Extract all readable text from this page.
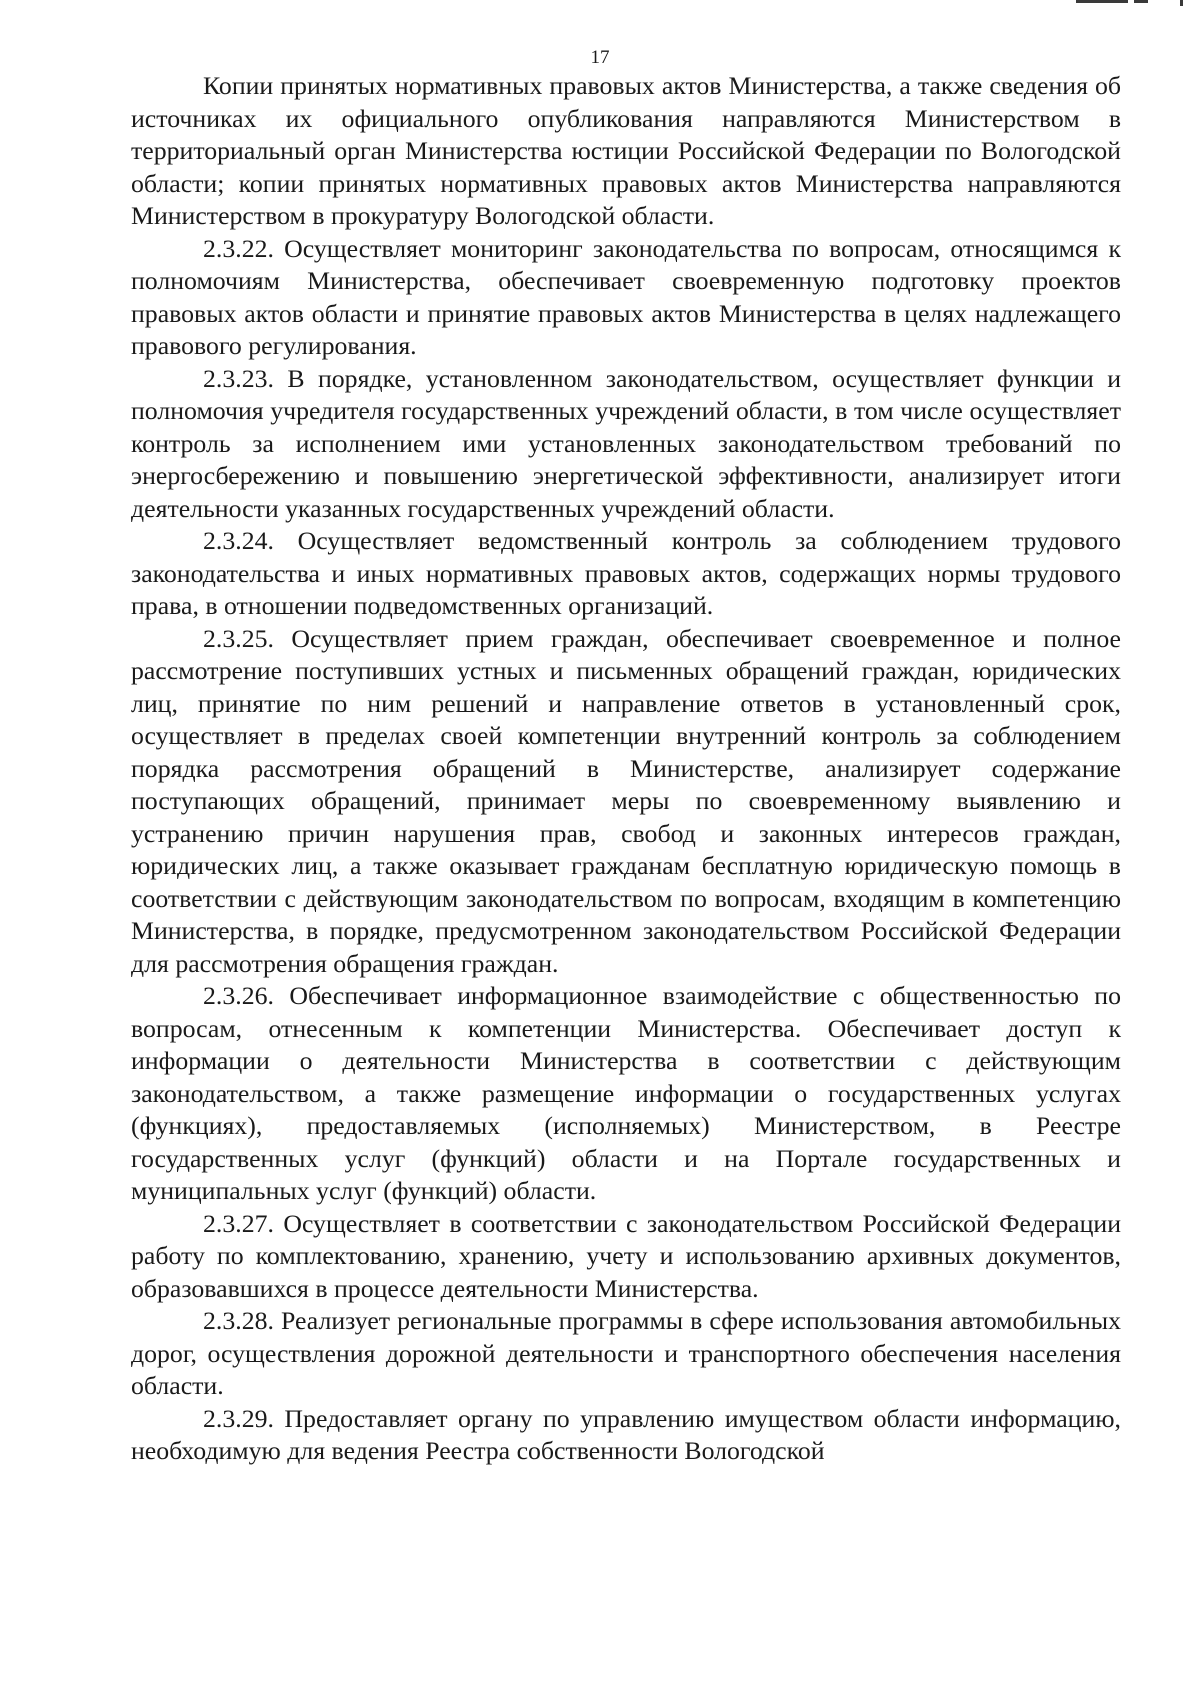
17

Копии принятых нормативных правовых актов Министерства, а также сведения об источниках их официального опубликования направляются Министерством в территориальный орган Министерства юстиции Российской Федерации по Вологодской области; копии принятых нормативных правовых актов Министерства направляются Министерством в прокуратуру Вологодской области.

2.3.22. Осуществляет мониторинг законодательства по вопросам, относящимся к полномочиям Министерства, обеспечивает своевременную подготовку проектов правовых актов области и принятие правовых актов Министерства в целях надлежащего правового регулирования.

2.3.23. В порядке, установленном законодательством, осуществляет функции и полномочия учредителя государственных учреждений области, в том числе осуществляет контроль за исполнением ими установленных законодательством требований по энергосбережению и повышению энергетической эффективности, анализирует итоги деятельности указанных государственных учреждений области.

2.3.24. Осуществляет ведомственный контроль за соблюдением трудового законодательства и иных нормативных правовых актов, содержащих нормы трудового права, в отношении подведомственных организаций.

2.3.25. Осуществляет прием граждан, обеспечивает своевременное и полное рассмотрение поступивших устных и письменных обращений граждан, юридических лиц, принятие по ним решений и направление ответов в установленный срок, осуществляет в пределах своей компетенции внутренний контроль за соблюдением порядка рассмотрения обращений в Министерстве, анализирует содержание поступающих обращений, принимает меры по своевременному выявлению и устранению причин нарушения прав, свобод и законных интересов граждан, юридических лиц, а также оказывает гражданам бесплатную юридическую помощь в соответствии с действующим законодательством по вопросам, входящим в компетенцию Министерства, в порядке, предусмотренном законодательством Российской Федерации для рассмотрения обращения граждан.

2.3.26. Обеспечивает информационное взаимодействие с общественностью по вопросам, отнесенным к компетенции Министерства. Обеспечивает доступ к информации о деятельности Министерства в соответствии с действующим законодательством, а также размещение информации о государственных услугах (функциях), предоставляемых (исполняемых) Министерством, в Реестре государственных услуг (функций) области и на Портале государственных и муниципальных услуг (функций) области.

2.3.27. Осуществляет в соответствии с законодательством Российской Федерации работу по комплектованию, хранению, учету и использованию архивных документов, образовавшихся в процессе деятельности Министерства.

2.3.28. Реализует региональные программы в сфере использования автомобильных дорог, осуществления дорожной деятельности и транспортного обеспечения населения области.

2.3.29. Предоставляет органу по управлению имуществом области информацию, необходимую для ведения Реестра собственности Вологодской
